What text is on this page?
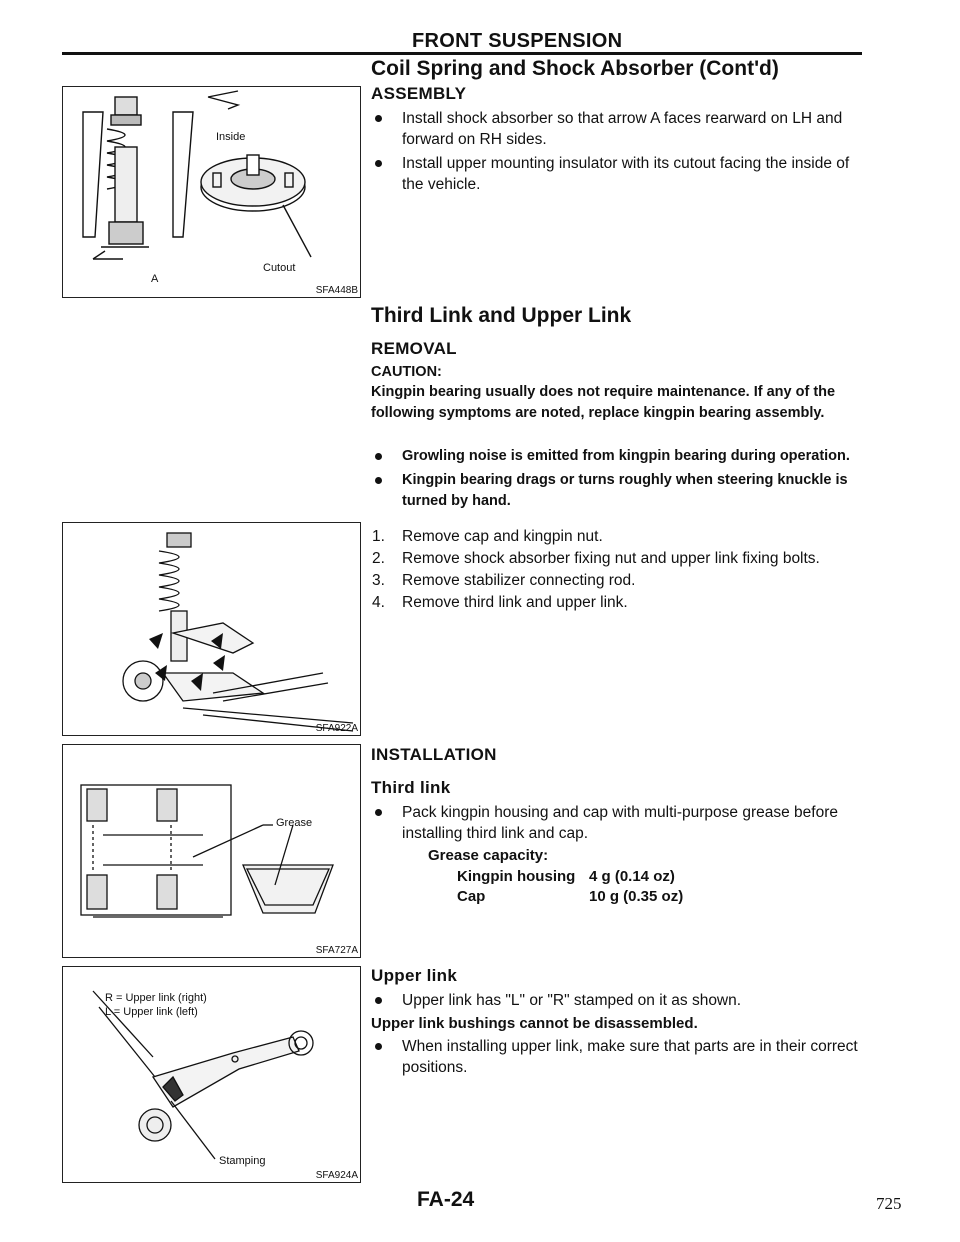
FRONT SUSPENSION
Coil Spring and Shock Absorber (Cont'd)
ASSEMBLY
Install shock absorber so that arrow A faces rearward on LH and forward on RH sides.
Install upper mounting insulator with its cutout facing the inside of the vehicle.
Inside
Cutout
A
SFA448B
Third Link and Upper Link
REMOVAL
CAUTION:
Kingpin bearing usually does not require maintenance. If any of the following symptoms are noted, replace kingpin bearing assembly.
Growling noise is emitted from kingpin bearing during operation.
Kingpin bearing drags or turns roughly when steering knuckle is turned by hand.
1. Remove cap and kingpin nut.
2. Remove shock absorber fixing nut and upper link fixing bolts.
3. Remove stabilizer connecting rod.
4. Remove third link and upper link.
SFA922A
INSTALLATION
Third link
Pack kingpin housing and cap with multi-purpose grease before installing third link and cap.
Grease capacity:
Kingpin housing 4 g (0.14 oz)
Cap	10 g (0.35 oz)
Grease
SFA727A
Upper link
Upper link has "L" or "R" stamped on it as shown.
Upper link bushings cannot be disassembled.
When installing upper link, make sure that parts are in their correct positions.
R = Upper link (right)
L = Upper link (left)
Stamping
SFA924A
FA-24	725
